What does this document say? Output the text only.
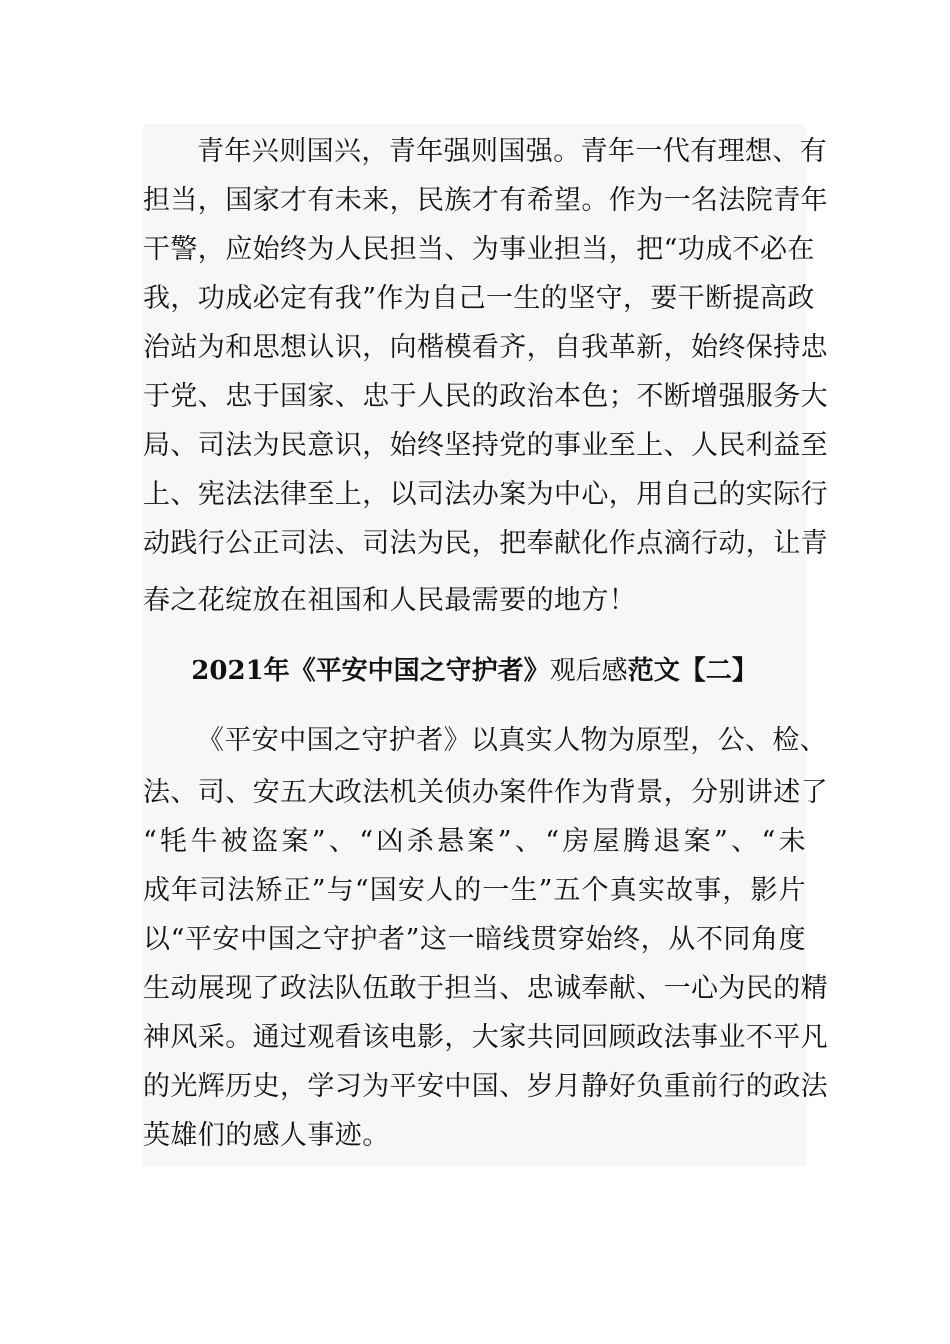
青年兴则国兴，青年强则国强。青年一代有理想、有
担当，国家才有未来，民族才有希望。作为一名法院青年
干警，应始终为人民担当、为事业担当，把“功成不必在
我，功成必定有我”作为自己一生的坚守，要干断提高政
治站为和思想认识，向楷模看齐，自我革新，始终保持忠
于党、忠于国家、忠于人民的政治本色；不断增强服务大
局、司法为民意识，始终坚持党的事业至上、人民利益至
上、宪法法律至上，以司法办案为中心，用自己的实际行
动践行公正司法、司法为民，把奉献化作点滴行动，让青
春之花绽放在祖国和人民最需要的地方！
2021年《平安中国之守护者》观后感范文【二】
《平安中国之守护者》以真实人物为原型，公、检、
法、司、安五大政法机关侦办案件作为背景，分别讲述了
“牦牛被盗案”、“凶杀悬案”、“房屋腾退案”、“未
成年司法矫正”与“国安人的一生”五个真实故事，影片
以“平安中国之守护者”这一暗线贯穿始终，从不同角度
生动展现了政法队伍敢于担当、忠诚奉献、一心为民的精
神风采。通过观看该电影，大家共同回顾政法事业不平凡
的光辉历史，学习为平安中国、岁月静好负重前行的政法
英雄们的感人事迹。
